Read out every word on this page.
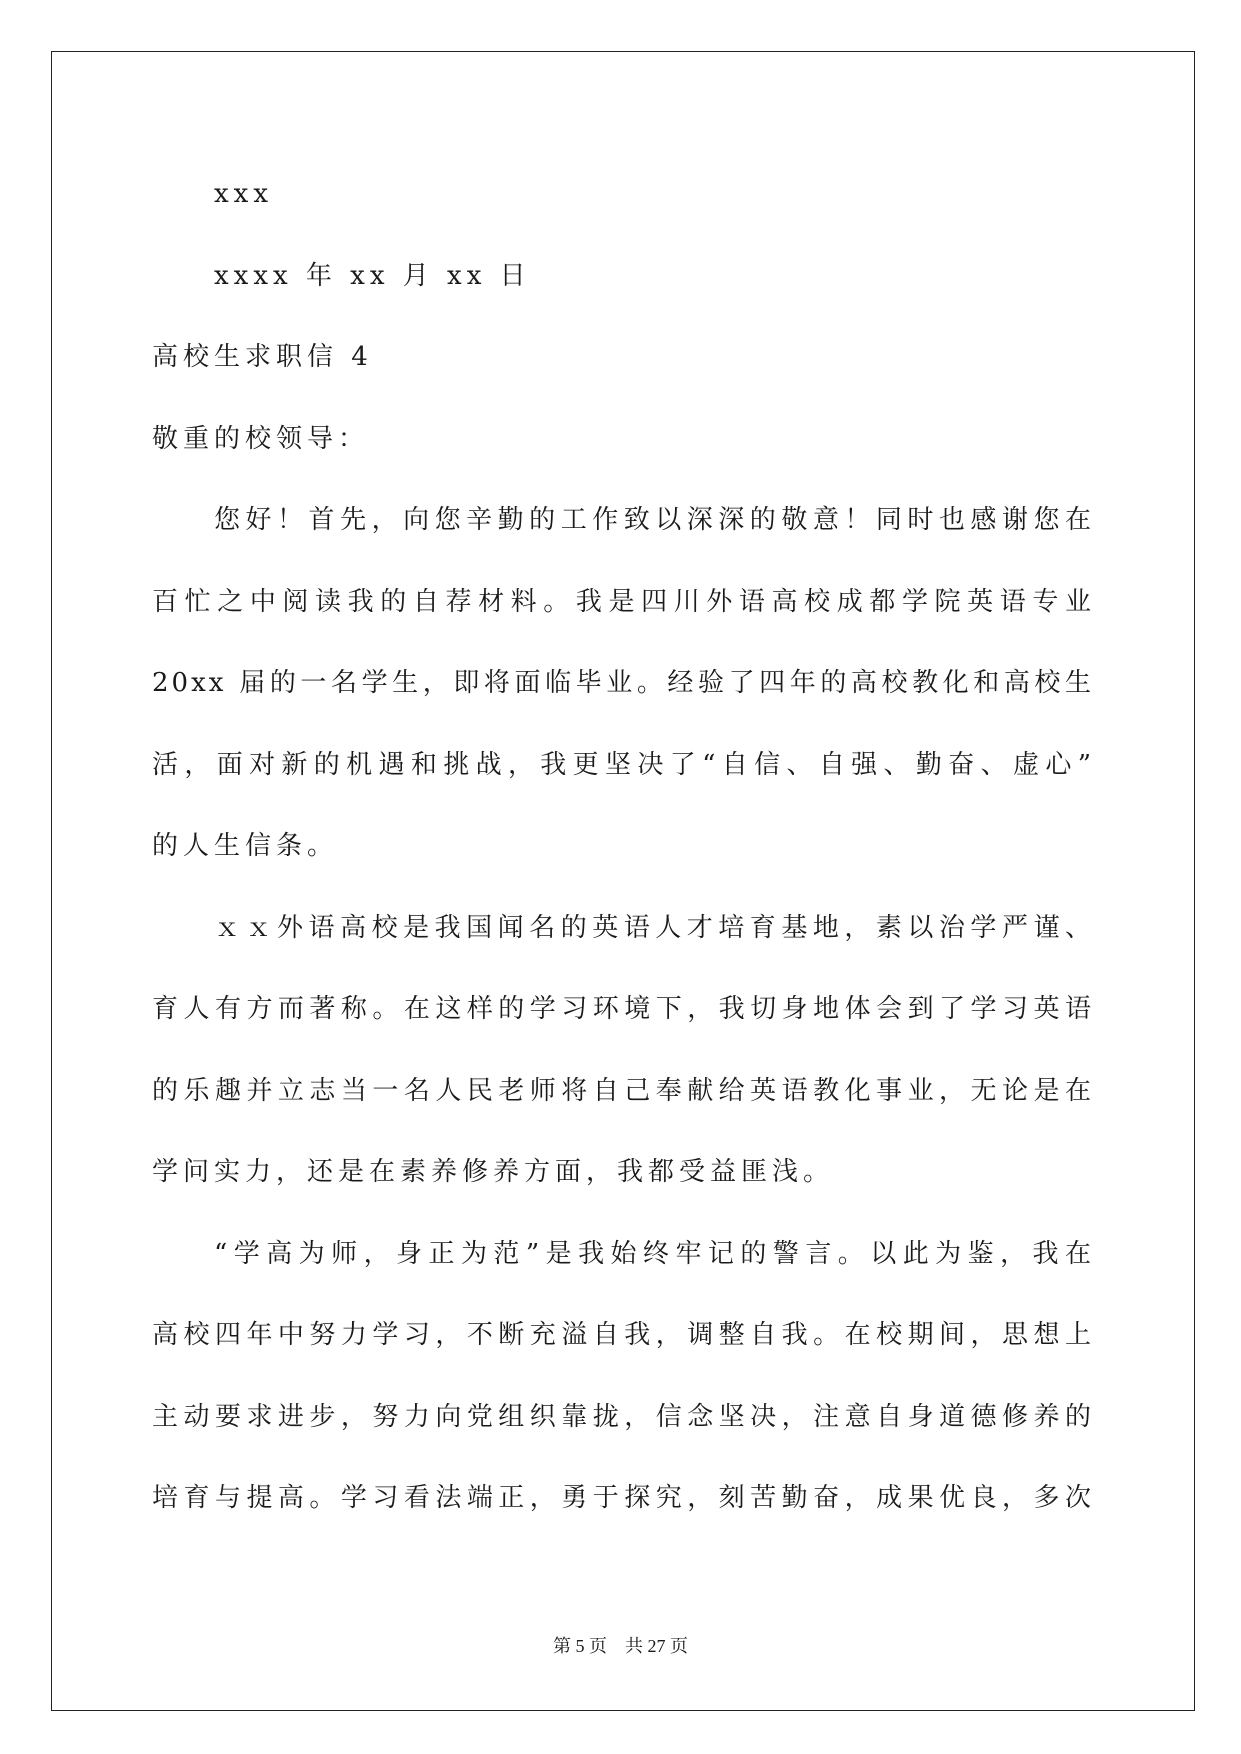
xxx
xxxx 年 xx 月 xx 日
高校生求职信 4
敬重的校领导：
您好！首先，向您辛勤的工作致以深深的敬意！同时也感谢您在
百忙之中阅读我的自荐材料。我是四川外语高校成都学院英语专业
20xx 届的一名学生，即将面临毕业。经验了四年的高校教化和高校生
活，面对新的机遇和挑战，我更坚决了“自信、自强、勤奋、虚心”
的人生信条。
ｘｘ外语高校是我国闻名的英语人才培育基地，素以治学严谨、
育人有方而著称。在这样的学习环境下，我切身地体会到了学习英语
的乐趣并立志当一名人民老师将自己奉献给英语教化事业，无论是在
学问实力，还是在素养修养方面，我都受益匪浅。
“学高为师，身正为范”是我始终牢记的警言。以此为鉴，我在
高校四年中努力学习，不断充溢自我，调整自我。在校期间，思想上
主动要求进步，努力向党组织靠拢，信念坚决，注意自身道德修养的
培育与提高。学习看法端正，勇于探究，刻苦勤奋，成果优良，多次
第 5 页　共 27 页
